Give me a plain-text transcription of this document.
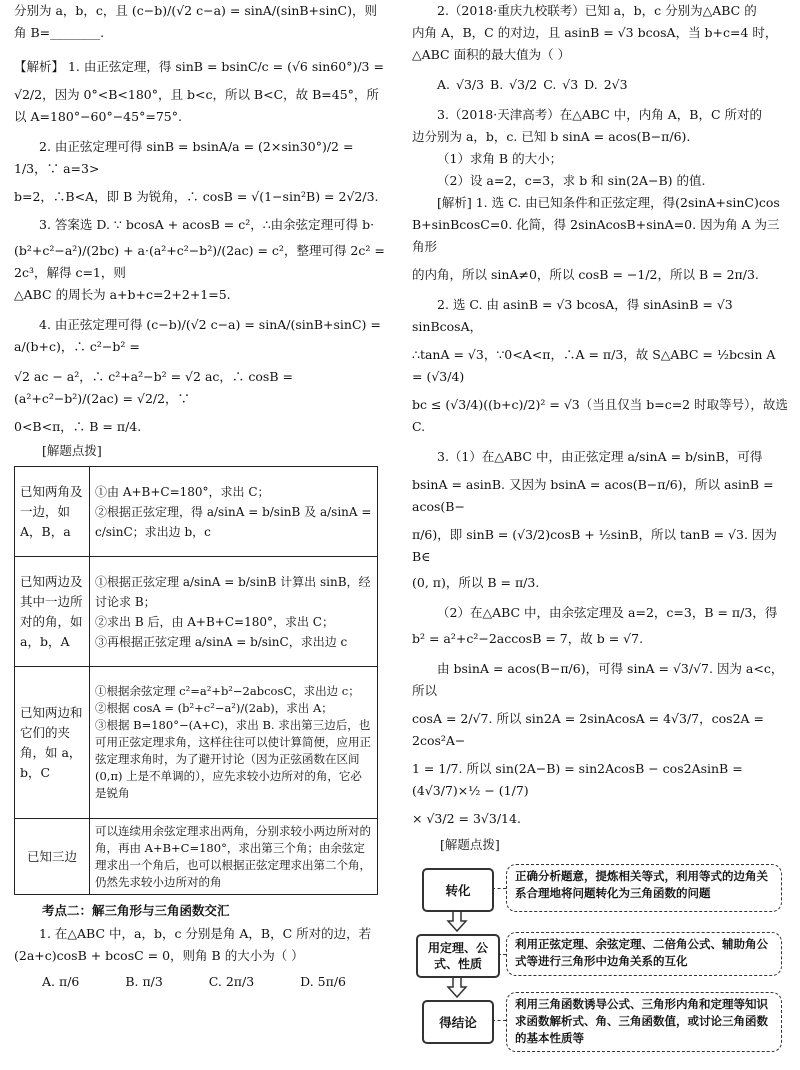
分别为 a，b，c，且 (c−b)/(√2 c−a) = sinA/(sinB+sinC)，则角 B=________.

【解析】 1. 由正弦定理，得 sinB = bsinC/c = (√6 sin60°)/3 =

√2/2，因为 0°<B<180°，且 b<c，所以 B<C，故 B=45°，所

以 A=180°−60°−45°=75°.

2. 由正弦定理可得 sinB = bsinA/a = (2×sin30°)/2 = 1/3，∵ a=3>

b=2，∴B<A，即 B 为锐角，∴ cosB = √(1−sin²B) = 2√2/3.

3. 答案选 D. ∵ bcosA + acosB = c²，∴由余弦定理可得 b·

(b²+c²−a²)/(2bc) + a·(a²+c²−b²)/(2ac) = c²，整理可得 2c² = 2c³，解得 c=1，则

△ABC 的周长为 a+b+c=2+2+1=5.

4. 由正弦定理可得 (c−b)/(√2 c−a) = sinA/(sinB+sinC) = a/(b+c)，∴ c²−b² =

√2 ac − a²，∴ c²+a²−b² = √2 ac，∴ cosB = (a²+c²−b²)/(2ac) = √2/2，∵

0<B<π，∴ B = π/4.

[解题点拨]

已知两角及一边，如 A，B，a	①由 A+B+C=180°，求出 C；
②根据正弦定理，得 a/sinA = b/sinB 及 a/sinA = c/sinC；求出边 b，c

已知两边及其中一边所对的角，如 a，b，A	①根据正弦定理 a/sinA = b/sinB 计算出 sinB，经讨论求 B；
②求出 B 后，由 A+B+C=180°，求出 C；
③再根据正弦定理 a/sinA = b/sinC，求出边 c

已知两边和它们的夹角，如 a，b，C	①根据余弦定理 c²=a²+b²−2abcosC，求出边 c；
②根据 cosA = (b²+c²−a²)/(2ab)，求出 A；
③根据 B=180°−(A+C)，求出 B. 求出第三边后，也可用正弦定理求角，这样往往可以使计算简便，应用正弦定理求角时，为了避开讨论（因为正弦函数在区间 (0,π) 上是不单调的），应先求较小边所对的角，它必是锐角

已知三边	可以连续用余弦定理求出两角，分别求较小两边所对的角，再由 A+B+C=180°，求出第三个角；由余弦定理求出一个角后，也可以根据正弦定理求出第二个角，仍然先求较小边所对的角

考点二：解三角形与三角函数交汇

1. 在△ABC 中，a，b，c 分别是角 A，B，C 所对的边，若

(2a+c)cosB + bcosC = 0，则角 B 的大小为（ ）

A. π/6	B. π/3	C. 2π/3	D. 5π/6

2.（2018·重庆九校联考）已知 a，b，c 分别为△ABC 的

内角 A，B，C 的对边，且 asinB = √3 bcosA，当 b+c=4 时，

△ABC 面积的最大值为（ ）

A. √3/3 B. √3/2 C. √3 D. 2√3

3.（2018·天津高考）在△ABC 中，内角 A，B，C 所对的

边分别为 a，b，c. 已知 b sinA = acos(B−π/6).

（1）求角 B 的大小；

（2）设 a=2，c=3，求 b 和 sin(2A−B) 的值.

[解析] 1. 选 C. 由已知条件和正弦定理，得(2sinA+sinC)cos

B+sinBcosC=0. 化简，得 2sinAcosB+sinA=0. 因为角 A 为三角形

的内角，所以 sinA≠0，所以 cosB = −1/2，所以 B = 2π/3.

2. 选 C. 由 asinB = √3 bcosA，得 sinAsinB = √3 sinBcosA，

∴tanA = √3，∵0<A<π，∴A = π/3，故 S△ABC = ½bcsin A = (√3/4)

bc ≤ (√3/4)((b+c)/2)² = √3（当且仅当 b=c=2 时取等号），故选 C.

3.（1）在△ABC 中，由正弦定理 a/sinA = b/sinB，可得

bsinA = asinB. 又因为 bsinA = acos(B−π/6)，所以 asinB = acos(B−

π/6)，即 sinB = (√3/2)cosB + ½sinB，所以 tanB = √3. 因为 B∈

(0, π)，所以 B = π/3.

（2）在△ABC 中，由余弦定理及 a=2，c=3，B = π/3，得

b² = a²+c²−2accosB = 7，故 b = √7.

由 bsinA = acos(B−π/6)，可得 sinA = √3/√7. 因为 a<c，所以

cosA = 2/√7. 所以 sin2A = 2sinAcosA = 4√3/7，cos2A = 2cos²A−

1 = 1/7. 所以 sin(2A−B) = sin2AcosB − cos2AsinB = (4√3/7)×½ − (1/7)

× √3/2 = 3√3/14.

[解题点拨]

转化
正确分析题意，提炼相关等式，利用等式的边角关系合理地将问题转化为三角函数的问题
用定理、公式、性质
利用正弦定理、余弦定理、二倍角公式、辅助角公式等进行三角形中边角关系的互化
得结论
利用三角函数诱导公式、三角形内角和定理等知识求函数解析式、角、三角函数值，或讨论三角函数的基本性质等
